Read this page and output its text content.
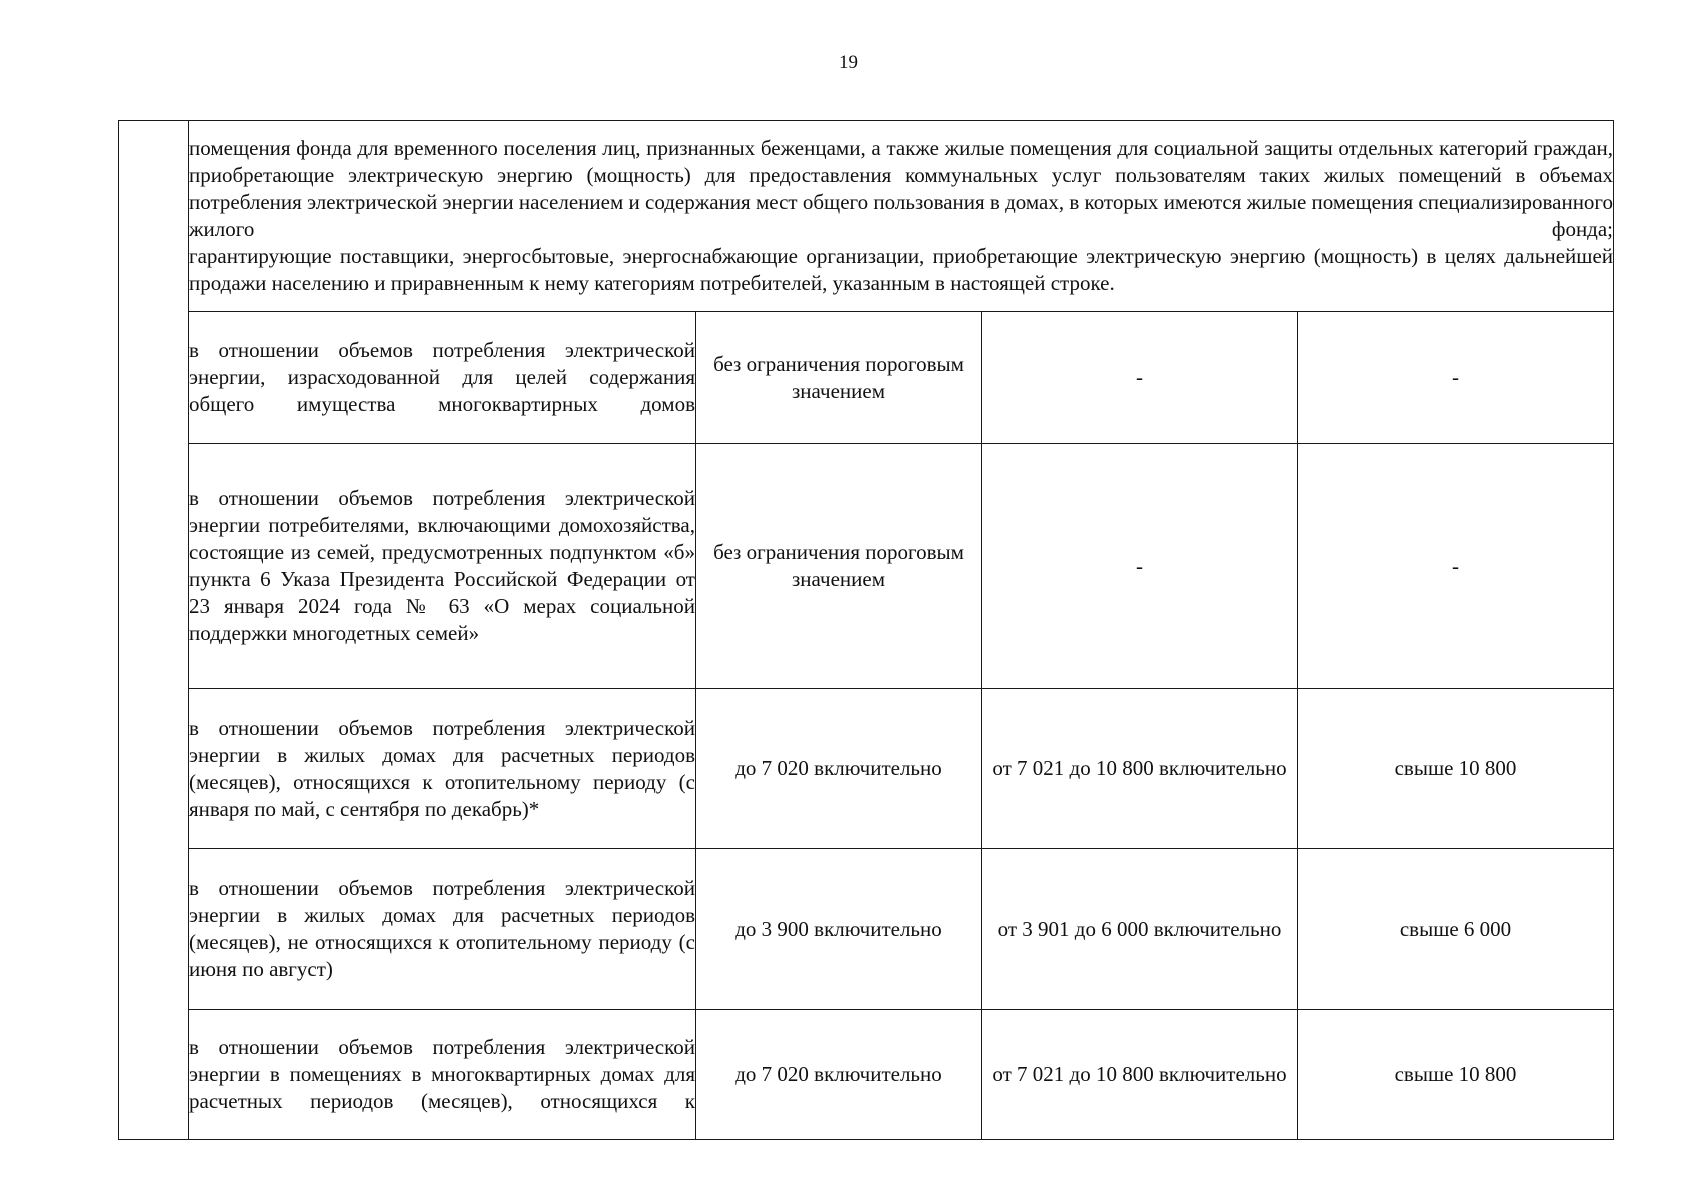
19

	помещения фонда для временного поселения лиц, признанных беженцами, а также жилые помещения для социальной защиты отдельных категорий граждан, приобретающие электрическую энергию (мощность) для предоставления коммунальных услуг пользователям таких жилых помещений в объемах потребления электрической энергии населением и содержания мест общего пользования в домах, в которых имеются жилые помещения специализированного жилого фонда;

гарантирующие поставщики, энергосбытовые, энергоснабжающие организации, приобретающие электрическую энергию (мощность) в целях дальнейшей продажи населению и приравненным к нему категориям потребителей, указанным в настоящей строке.			

	в отношении объемов потребления электрической энергии, израсходованной для целей содержания общего имущества многоквартирных домов	без ограничения пороговым значением	-	-
	в отношении объемов потребления электрической энергии потребителями, включающими домохозяйства, состоящие из семей, предусмотренных подпунктом «б» пункта 6 Указа Президента Российской Федерации от 23 января 2024 года № 63 «О мерах социальной поддержки многодетных семей»	без ограничения пороговым значением	-	-
	в отношении объемов потребления электрической энергии в жилых домах для расчетных периодов (месяцев), относящихся к отопительному периоду (с января по май, с сентября по декабрь)*	до 7 020 включительно	от 7 021 до 10 800 включительно	свыше 10 800
	в отношении объемов потребления электрической энергии в жилых домах для расчетных периодов (месяцев), не относящихся к отопительному периоду (с июня по август)	до 3 900 включительно	от 3 901 до 6 000 включительно	свыше 6 000
	в отношении объемов потребления электрической энергии в помещениях в многоквартирных домах для расчетных периодов (месяцев), относящихся к	до 7 020 включительно	от 7 021 до 10 800 включительно	свыше 10 800
